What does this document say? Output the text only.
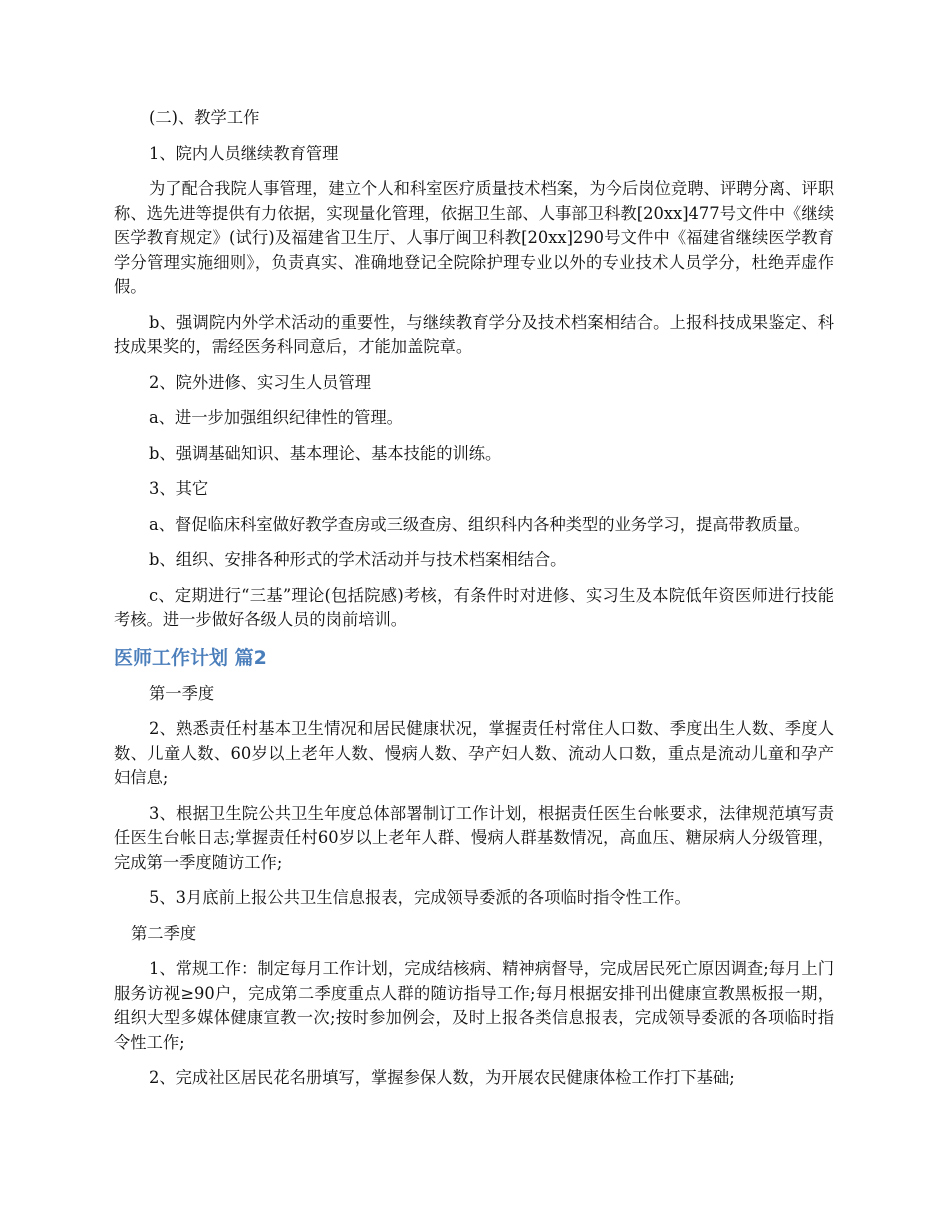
(二)、教学工作

1、院内人员继续教育管理

为了配合我院人事管理，建立个人和科室医疗质量技术档案，为今后岗位竞聘、评聘分离、评职称、选先进等提供有力依据，实现量化管理，依据卫生部、人事部卫科教[20xx]477号文件中《继续医学教育规定》(试行)及福建省卫生厅、人事厅闽卫科教[20xx]290号文件中《福建省继续医学教育学分管理实施细则》，负责真实、准确地登记全院除护理专业以外的专业技术人员学分，杜绝弄虚作假。

b、强调院内外学术活动的重要性，与继续教育学分及技术档案相结合。上报科技成果鉴定、科技成果奖的，需经医务科同意后，才能加盖院章。

2、院外进修、实习生人员管理

a、进一步加强组织纪律性的管理。

b、强调基础知识、基本理论、基本技能的训练。

3、其它

a、督促临床科室做好教学查房或三级查房、组织科内各种类型的业务学习，提高带教质量。

b、组织、安排各种形式的学术活动并与技术档案相结合。

c、定期进行“三基”理论(包括院感)考核，有条件时对进修、实习生及本院低年资医师进行技能考核。进一步做好各级人员的岗前培训。

医师工作计划 篇2

第一季度

2、熟悉责任村基本卫生情况和居民健康状况，掌握责任村常住人口数、季度出生人数、季度人数、儿童人数、60岁以上老年人数、慢病人数、孕产妇人数、流动人口数，重点是流动儿童和孕产妇信息;

3、根据卫生院公共卫生年度总体部署制订工作计划，根据责任医生台帐要求，法律规范填写责任医生台帐日志;掌握责任村60岁以上老年人群、慢病人群基数情况，高血压、糖尿病人分级管理，完成第一季度随访工作;

5、3月底前上报公共卫生信息报表，完成领导委派的各项临时指令性工作。

第二季度

1、常规工作：制定每月工作计划，完成结核病、精神病督导，完成居民死亡原因调查;每月上门服务访视≥90户，完成第二季度重点人群的随访指导工作;每月根据安排刊出健康宣教黑板报一期，组织大型多媒体健康宣教一次;按时参加例会，及时上报各类信息报表，完成领导委派的各项临时指令性工作;

2、完成社区居民花名册填写，掌握参保人数，为开展农民健康体检工作打下基础;
